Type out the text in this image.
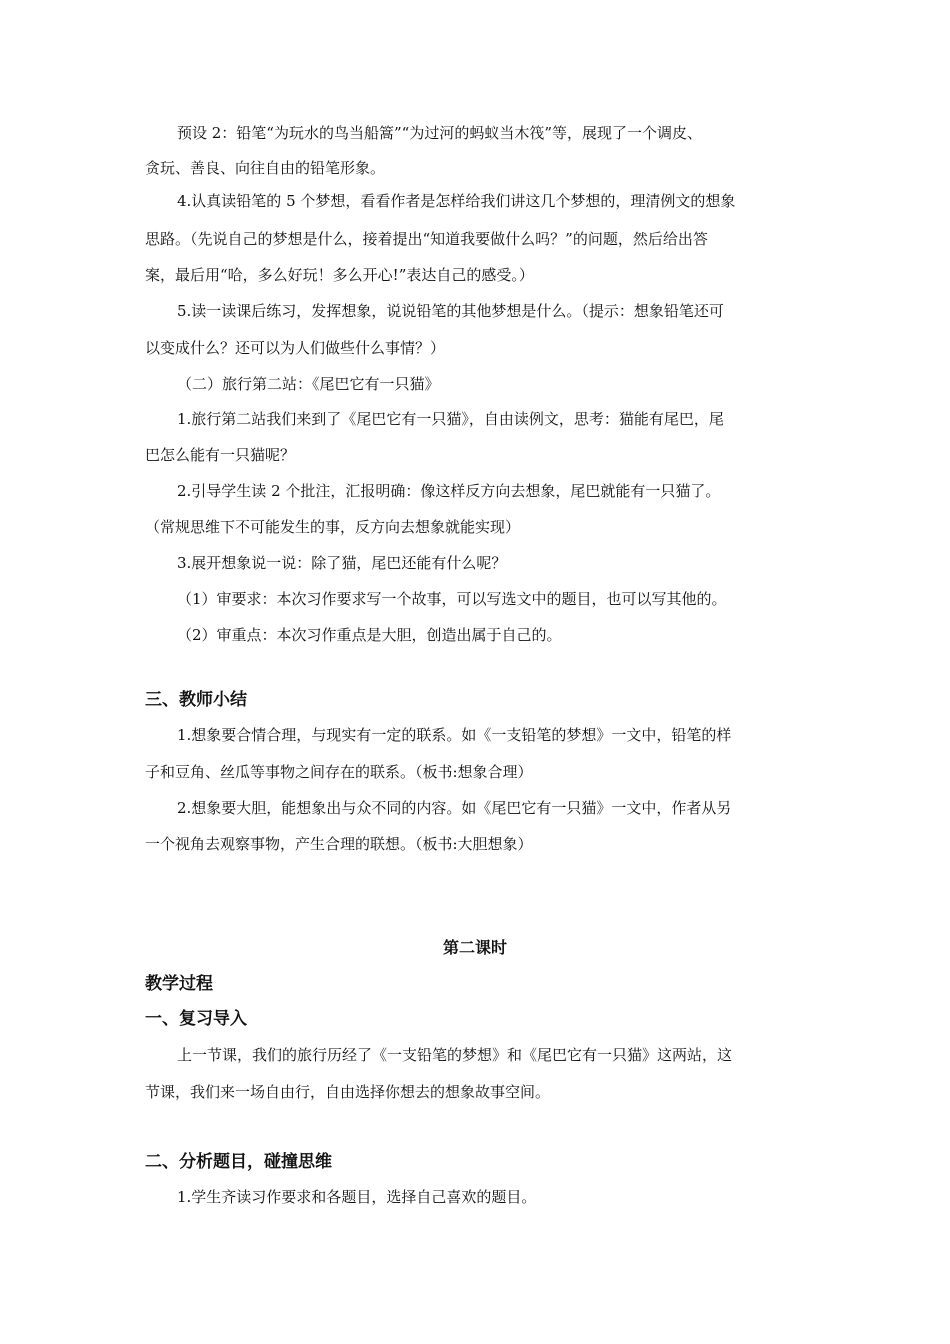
预设 2：铅笔“为玩水的鸟当船篙”“为过河的蚂蚁当木筏”等，展现了一个调皮、
贪玩、善良、向往自由的铅笔形象。
4.认真读铅笔的 5 个梦想，看看作者是怎样给我们讲这几个梦想的，理清例文的想象
思路。（先说自己的梦想是什么，接着提出“知道我要做什么吗？”的问题，然后给出答
案，最后用“哈，多么好玩！多么开心!”表达自己的感受。）
5.读一读课后练习，发挥想象，说说铅笔的其他梦想是什么。（提示：想象铅笔还可
以变成什么？还可以为人们做些什么事情？）
（二）旅行第二站：《尾巴它有一只猫》
1.旅行第二站我们来到了《尾巴它有一只猫》，自由读例文，思考：猫能有尾巴，尾
巴怎么能有一只猫呢？
2.引导学生读 2 个批注，汇报明确：像这样反方向去想象，尾巴就能有一只猫了。
（常规思维下不可能发生的事，反方向去想象就能实现）
3.展开想象说一说：除了猫，尾巴还能有什么呢？
（1）审要求：本次习作要求写一个故事，可以写选文中的题目，也可以写其他的。
（2）审重点：本次习作重点是大胆，创造出属于自己的。
三、教师小结
1.想象要合情合理，与现实有一定的联系。如《一支铅笔的梦想》一文中，铅笔的样
子和豆角、丝瓜等事物之间存在的联系。（板书:想象合理）
2.想象要大胆，能想象出与众不同的内容。如《尾巴它有一只猫》一文中，作者从另
一个视角去观察事物，产生合理的联想。（板书:大胆想象）
第二课时
教学过程
一、复习导入
上一节课，我们的旅行历经了《一支铅笔的梦想》和《尾巴它有一只猫》这两站，这
节课，我们来一场自由行，自由选择你想去的想象故事空间。
二、分析题目，碰撞思维
1.学生齐读习作要求和各题目，选择自己喜欢的题目。
